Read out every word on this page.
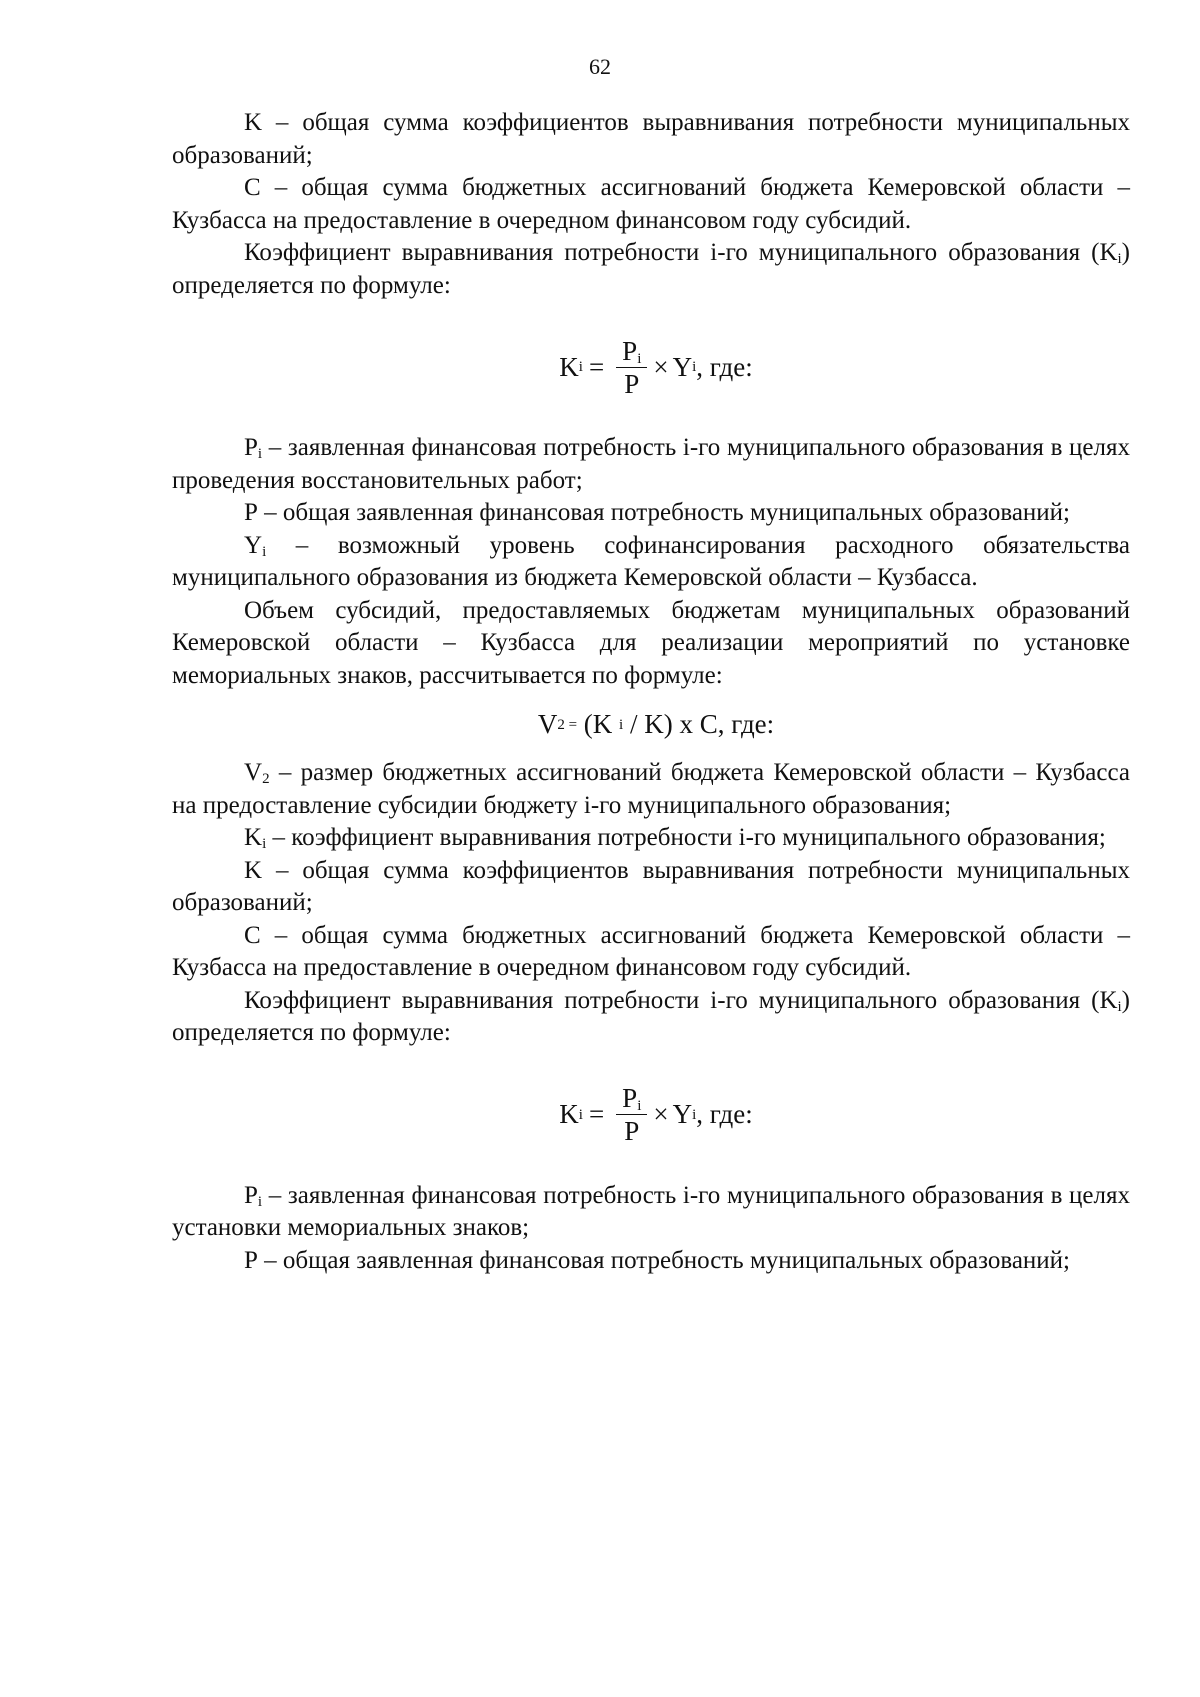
62

K – общая сумма коэффициентов выравнивания потребности муниципальных образований;

С – общая сумма бюджетных ассигнований бюджета Кемеровской области – Кузбасса на предоставление в очередном финансовом году субсидий.

Коэффициент выравнивания потребности i-го муниципального образования $(K_i)$ определяется по формуле:

K $i = \frac{P_i}{P} \times Y$ i , где:

$P_i$ – заявленная финансовая потребность i-го муниципального образования в целях проведения восстановительных работ;

P – общая заявленная финансовая потребность муниципальных образований;

$Y_i$ – возможный уровень софинансирования расходного обязательства муниципального образования из бюджета Кемеровской области – Кузбасса.

Объем субсидий, предоставляемых бюджетам муниципальных образований Кемеровской области – Кузбасса для реализации мероприятий по установке мемориальных знаков, рассчитывается по формуле:

V 2 = (K i / K) x C, где:

$V_2$ – размер бюджетных ассигнований бюджета Кемеровской области – Кузбасса на предоставление субсидии бюджету i-го муниципального образования;

$K_i$ – коэффициент выравнивания потребности i-го муниципального образования;

K – общая сумма коэффициентов выравнивания потребности муниципальных образований;

С – общая сумма бюджетных ассигнований бюджета Кемеровской области – Кузбасса на предоставление в очередном финансовом году субсидий.

Коэффициент выравнивания потребности i-го муниципального образования $(K_i)$ определяется по формуле:

K $i = \frac{P_i}{P} \times Y$ i , где:

$P_i$ – заявленная финансовая потребность i-го муниципального образования в целях установки мемориальных знаков;

P – общая заявленная финансовая потребность муниципальных образований;
